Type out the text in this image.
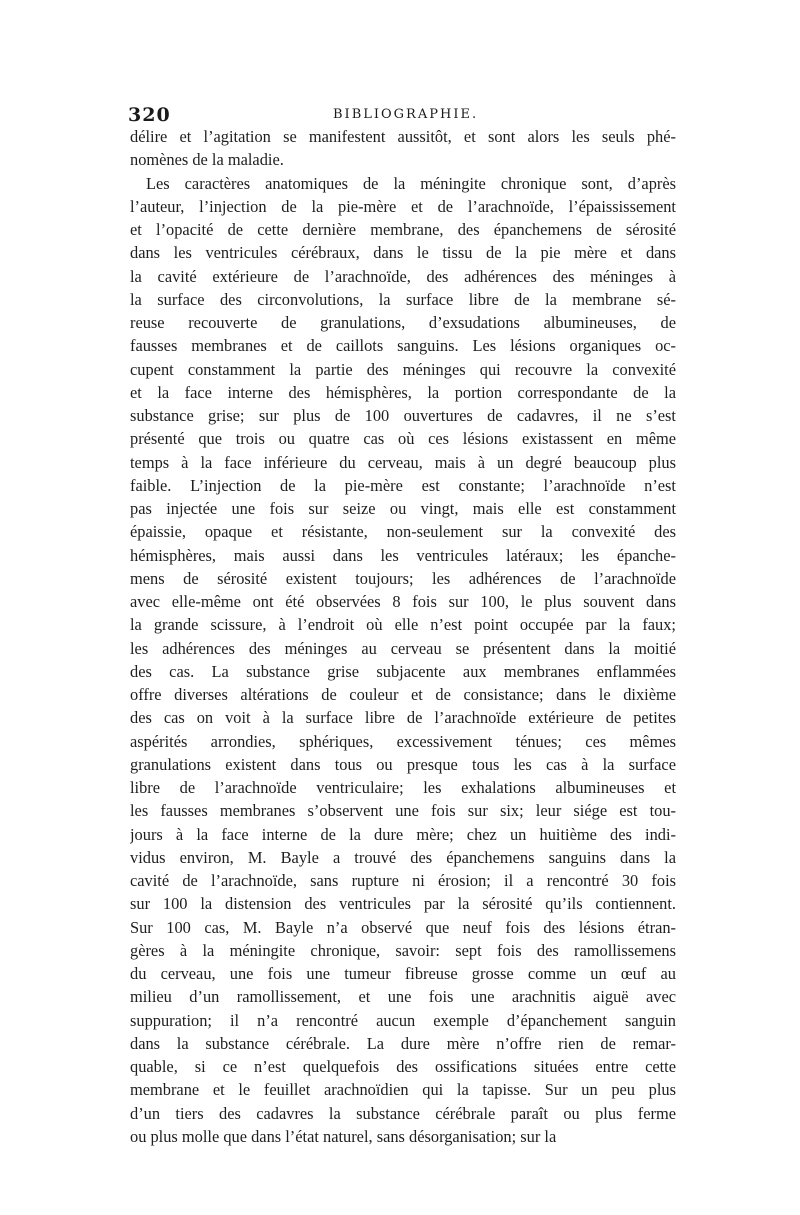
320	BIBLIOGRAPHIE.
délire et l’agitation se manifestent aussitôt, et sont alors les seuls phé-
nomènes de la maladie.
Les caractères anatomiques de la méningite chronique sont, d’après
l’auteur, l’injection de la pie-mère et de l’arachnoïde, l’épaississement
et l’opacité de cette dernière membrane, des épanchemens de sérosité
dans les ventricules cérébraux, dans le tissu de la pie mère et dans
la cavité extérieure de l’arachnoïde, des adhérences des méninges à
la surface des circonvolutions, la surface libre de la membrane sé-
reuse recouverte de granulations, d’exsudations albumineuses, de
fausses membranes et de caillots sanguins. Les lésions organiques oc-
cupent constamment la partie des méninges qui recouvre la convexité
et la face interne des hémisphères, la portion correspondante de la
substance grise; sur plus de 100 ouvertures de cadavres, il ne s’est
présenté que trois ou quatre cas où ces lésions existassent en même
temps à la face inférieure du cerveau, mais à un degré beaucoup plus
faible. L’injection de la pie-mère est constante; l’arachnoïde n’est
pas injectée une fois sur seize ou vingt, mais elle est constamment
épaissie, opaque et résistante, non-seulement sur la convexité des
hémisphères, mais aussi dans les ventricules latéraux; les épanche-
mens de sérosité existent toujours; les adhérences de l’arachnoïde
avec elle-même ont été observées 8 fois sur 100, le plus souvent dans
la grande scissure, à l’endroit où elle n’est point occupée par la faux;
les adhérences des méninges au cerveau se présentent dans la moitié
des cas. La substance grise subjacente aux membranes enflammées
offre diverses altérations de couleur et de consistance; dans le dixième
des cas on voit à la surface libre de l’arachnoïde extérieure de petites
aspérités arrondies, sphériques, excessivement ténues; ces mêmes
granulations existent dans tous ou presque tous les cas à la surface
libre de l’arachnoïde ventriculaire; les exhalations albumineuses et
les fausses membranes s’observent une fois sur six; leur siége est tou-
jours à la face interne de la dure mère; chez un huitième des indi-
vidus environ, M. Bayle a trouvé des épanchemens sanguins dans la
cavité de l’arachnoïde, sans rupture ni érosion; il a rencontré 30 fois
sur 100 la distension des ventricules par la sérosité qu’ils contiennent.
Sur 100 cas, M. Bayle n’a observé que neuf fois des lésions étran-
gères à la méningite chronique, savoir: sept fois des ramollissemens
du cerveau, une fois une tumeur fibreuse grosse comme un œuf au
milieu d’un ramollissement, et une fois une arachnitis aiguë avec
suppuration; il n’a rencontré aucun exemple d’épanchement sanguin
dans la substance cérébrale. La dure mère n’offre rien de remar-
quable, si ce n’est quelquefois des ossifications situées entre cette
membrane et le feuillet arachnoïdien qui la tapisse. Sur un peu plus
d’un tiers des cadavres la substance cérébrale paraît ou plus ferme
ou plus molle que dans l’état naturel, sans désorganisation; sur la
